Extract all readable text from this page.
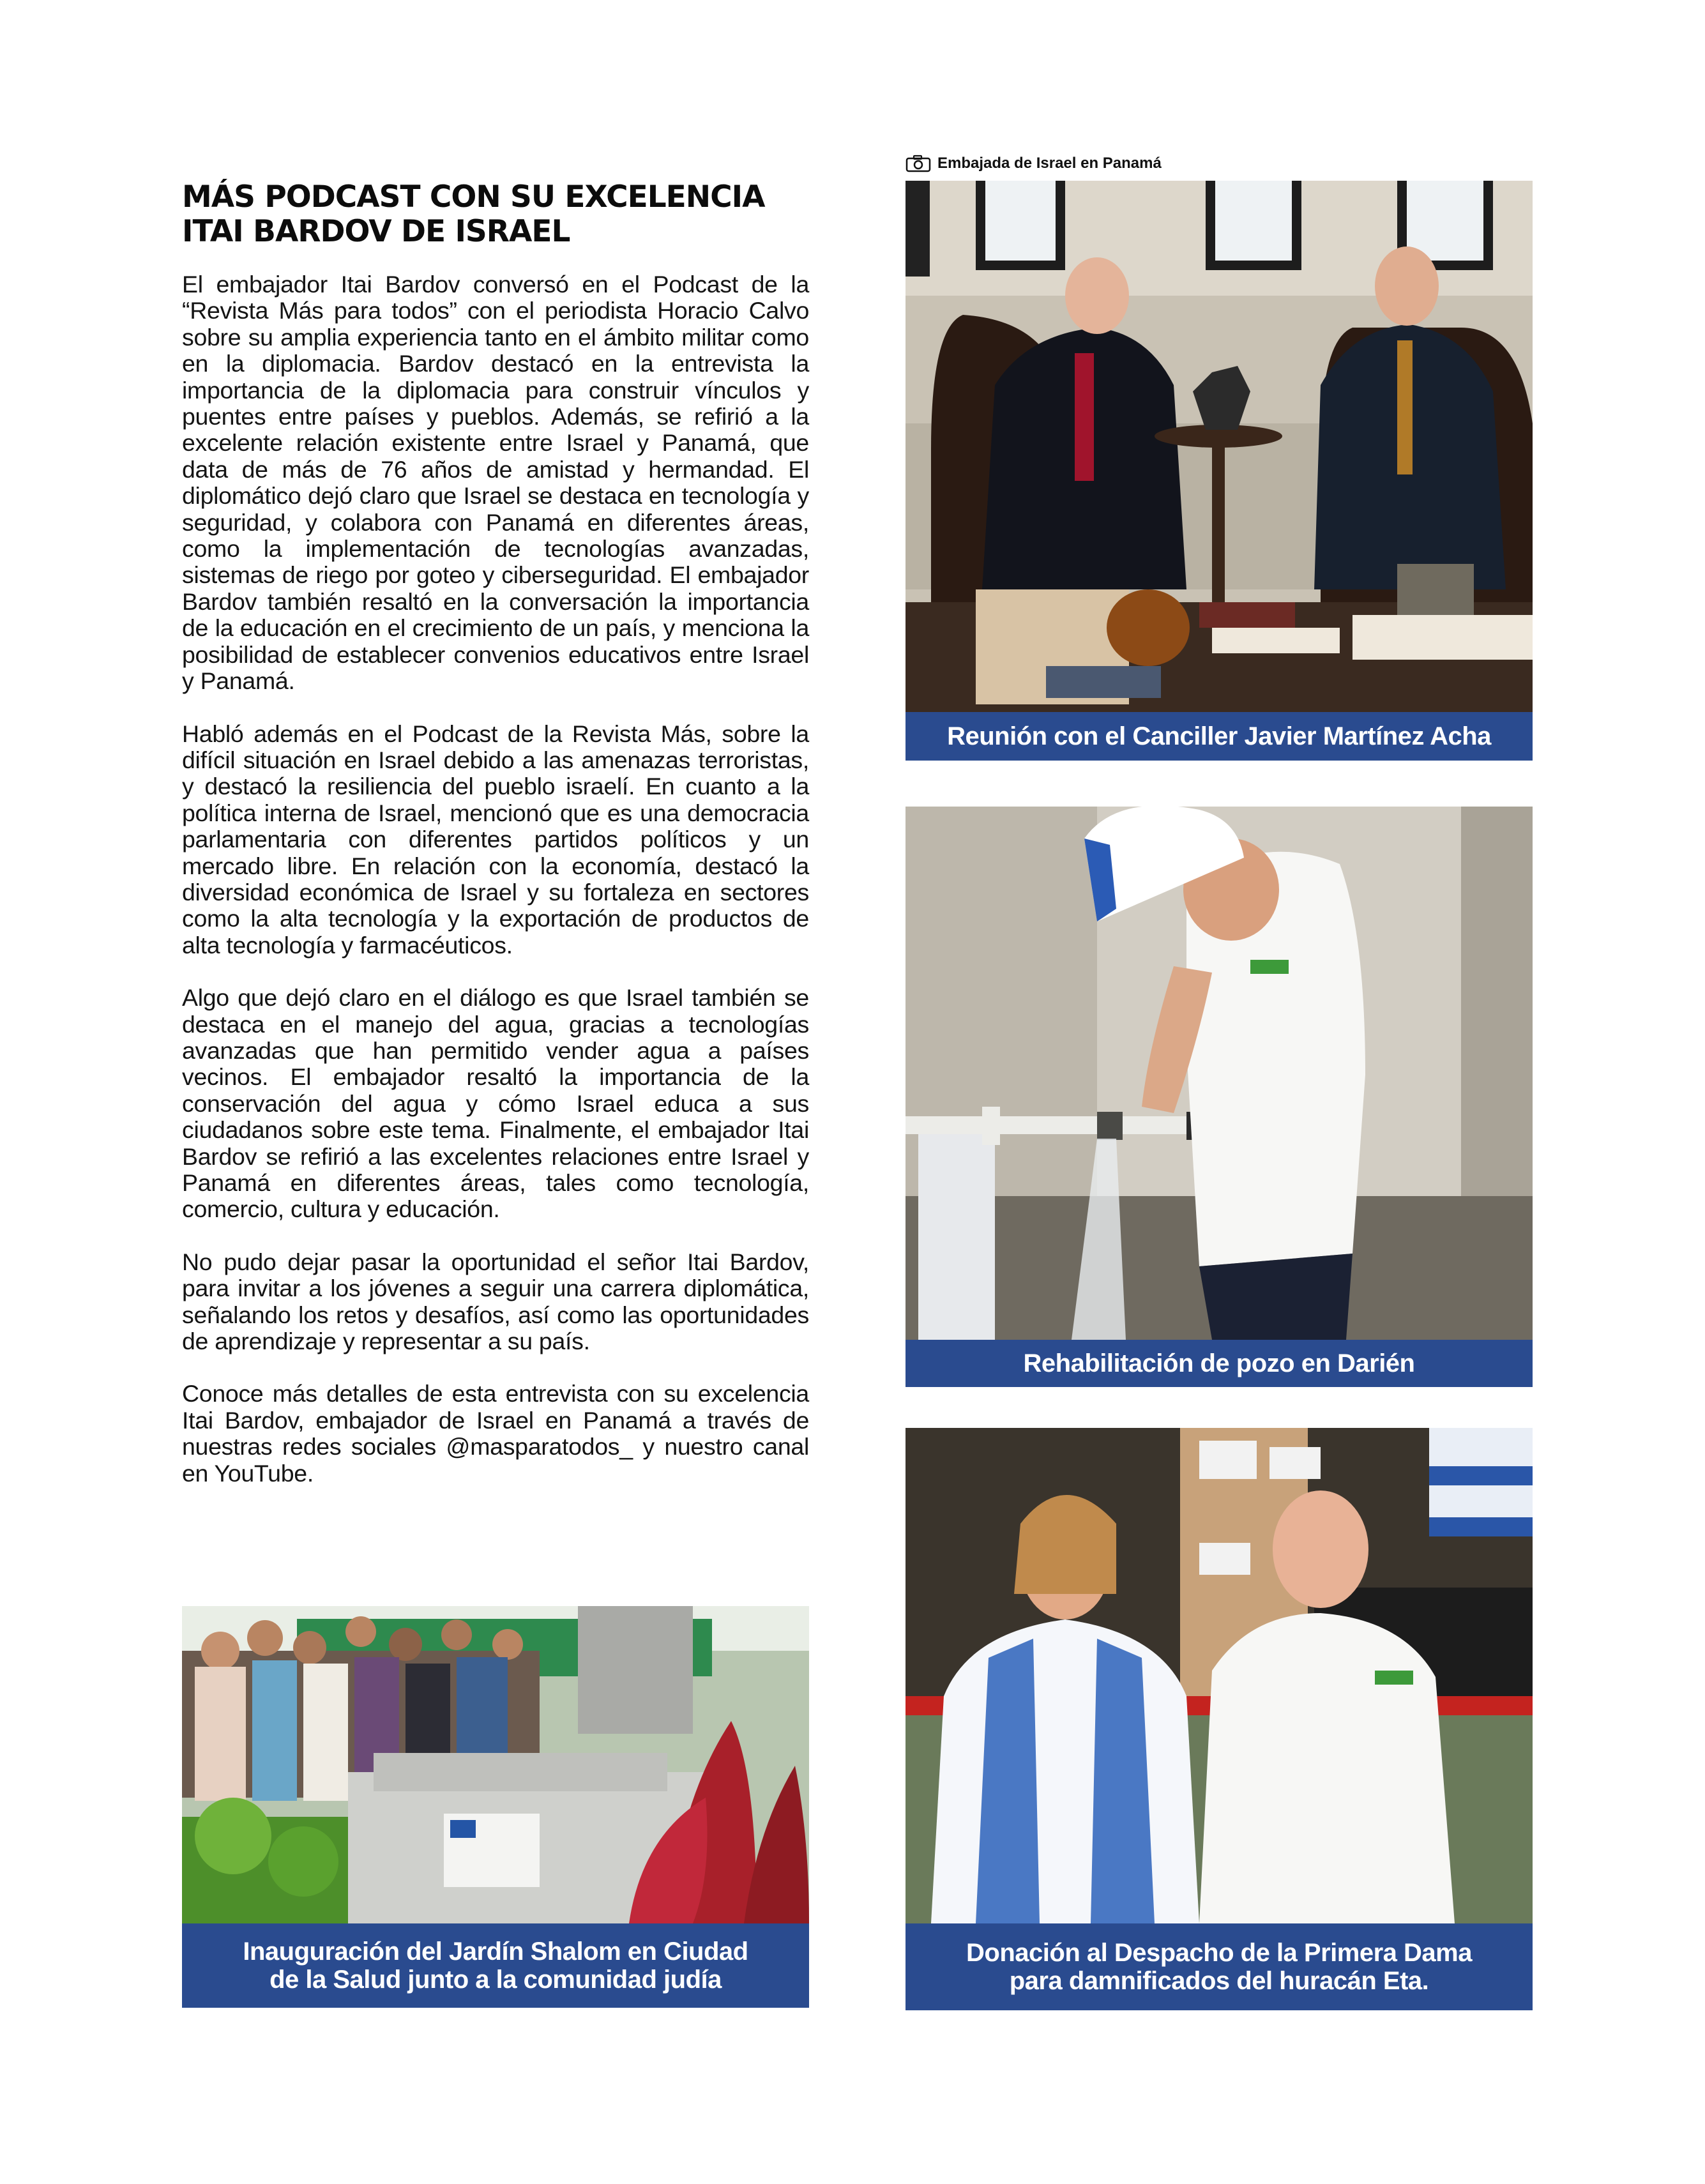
MÁS PODCAST CON SU EXCELENCIA
ITAI BARDOV DE ISRAEL

El embajador Itai Bardov conversó en el Podcast de la “Revista Más para todos” con el periodista Horacio Calvo sobre su amplia experiencia tanto en el ámbito militar como en la diplomacia. Bardov destacó en la entrevista la importancia de la diplomacia para construir vínculos y puentes entre países y pueblos. Además, se refirió a la excelente relación existente entre Israel y Panamá, que data de más de 76 años de amistad y hermandad. El diplomático dejó claro que Israel se destaca en tecnología y seguridad, y colabora con Panamá en diferentes áreas, como la implementación de tecnologías avanzadas, sistemas de riego por goteo y ciberseguridad. El embajador Bardov también resaltó en la conversación la importancia de la educación en el crecimiento de un país, y menciona la posibilidad de establecer convenios educativos entre Israel y Panamá.

Habló además en el Podcast de la Revista Más, sobre la difícil situación en Israel debido a las amenazas terroristas, y destacó la resiliencia del pueblo israelí. En cuanto a la política interna de Israel, mencionó que es una democracia parlamentaria con diferentes partidos políticos y un mercado libre. En relación con la economía, destacó la diversidad económica de Israel y su fortaleza en sectores como la alta tecnología y la exportación de productos de alta tecnología y farmacéuticos.

Algo que dejó claro en el diálogo es que Israel también se destaca en el manejo del agua, gracias a tecnologías avanzadas que han permitido vender agua a países vecinos. El embajador resaltó la importancia de la conservación del agua y cómo Israel educa a sus ciudadanos sobre este tema. Finalmente, el embajador Itai Bardov se refirió a las excelentes relaciones entre Israel y Panamá en diferentes áreas, tales como tecnología, comercio, cultura y educación.

No pudo dejar pasar la oportunidad el señor Itai Bardov, para invitar a los jóvenes a seguir una carrera diplomática, señalando los retos y desafíos, así como las oportunidades de aprendizaje y representar a su país.

Conoce más detalles de esta entrevista con su excelencia Itai Bardov, embajador de Israel en Panamá a través de nuestras redes sociales @masparatodos_ y nuestro canal en YouTube.

Embajada de Israel en Panamá
Reunión con el Canciller Javier Martínez Acha
Rehabilitación de pozo en Darién
Inauguración del Jardín Shalom en Ciudad
de la Salud junto a la comunidad judía
Donación al Despacho de la Primera Dama
para damnificados del huracán Eta.
